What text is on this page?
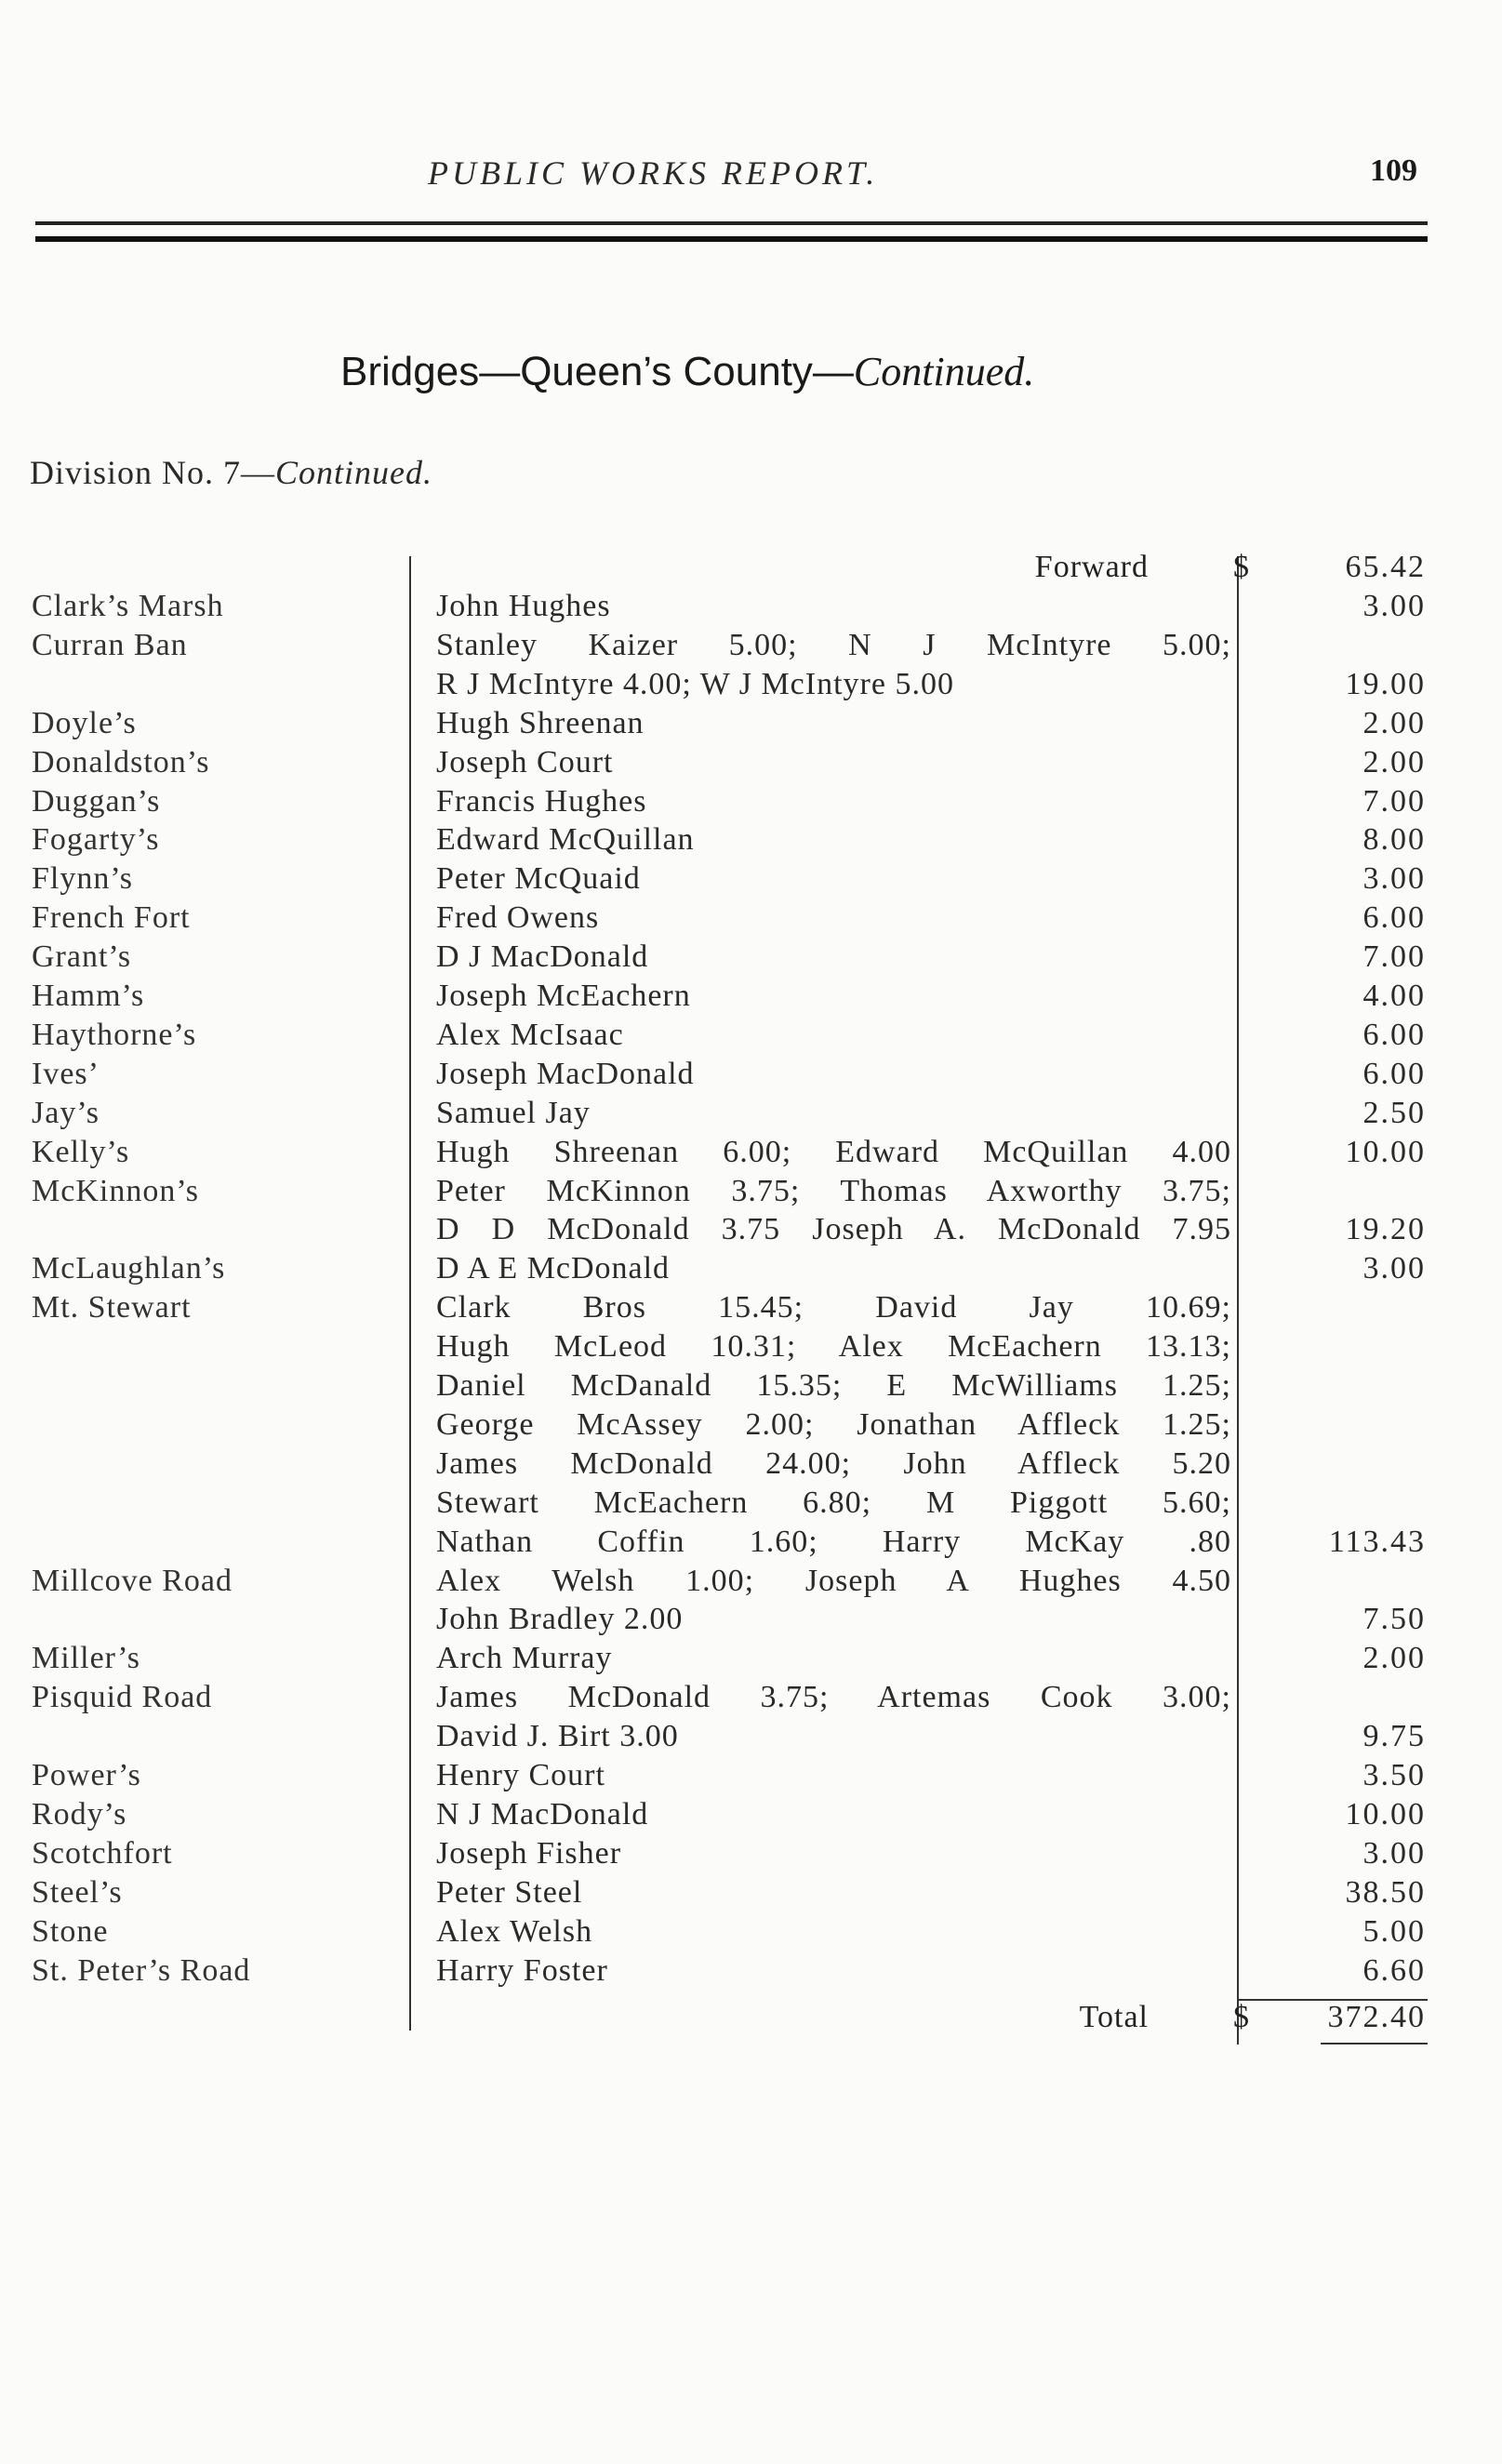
PUBLIC WORKS REPORT.	109
Bridges—Queen’s County—Continued.
Division No. 7—Continued.
Forward	$	65.42
Clark’s Marsh	John Hughes	3.00
Curran Ban	Stanley Kaizer 5.00; N J McIntyre 5.00;
R J McIntyre 4.00; W J McIntyre 5.00	19.00
Doyle’s	Hugh Shreenan	2.00
Donaldston’s	Joseph Court	2.00
Duggan’s	Francis Hughes	7.00
Fogarty’s	Edward McQuillan	8.00
Flynn’s	Peter McQuaid	3.00
French Fort	Fred Owens	6.00
Grant’s	D J MacDonald	7.00
Hamm’s	Joseph McEachern	4.00
Haythorne’s	Alex McIsaac	6.00
Ives’	Joseph MacDonald	6.00
Jay’s	Samuel Jay	2.50
Kelly’s	Hugh Shreenan 6.00; Edward McQuillan 4.00	10.00
McKinnon’s	Peter McKinnon 3.75; Thomas Axworthy 3.75;
D D McDonald 3.75 Joseph A. McDonald 7.95	19.20
McLaughlan’s	D A E McDonald	3.00
Mt. Stewart	Clark Bros 15.45; David Jay 10.69;
Hugh McLeod 10.31; Alex McEachern 13.13;
Daniel McDanald 15.35; E McWilliams 1.25;
George McAssey 2.00; Jonathan Affleck 1.25;
James McDonald 24.00; John Affleck 5.20
Stewart McEachern 6.80; M Piggott 5.60;
Nathan Coffin 1.60; Harry McKay .80	113.43
Millcove Road	Alex Welsh 1.00; Joseph A Hughes 4.50
John Bradley 2.00	7.50
Miller’s	Arch Murray	2.00
Pisquid Road	James McDonald 3.75; Artemas Cook 3.00;
David J. Birt 3.00	9.75
Power’s	Henry Court	3.50
Rody’s	N J MacDonald	10.00
Scotchfort	Joseph Fisher	3.00
Steel’s	Peter Steel	38.50
Stone	Alex Welsh	5.00
St. Peter’s Road	Harry Foster	6.60
Total	$ 372.40
